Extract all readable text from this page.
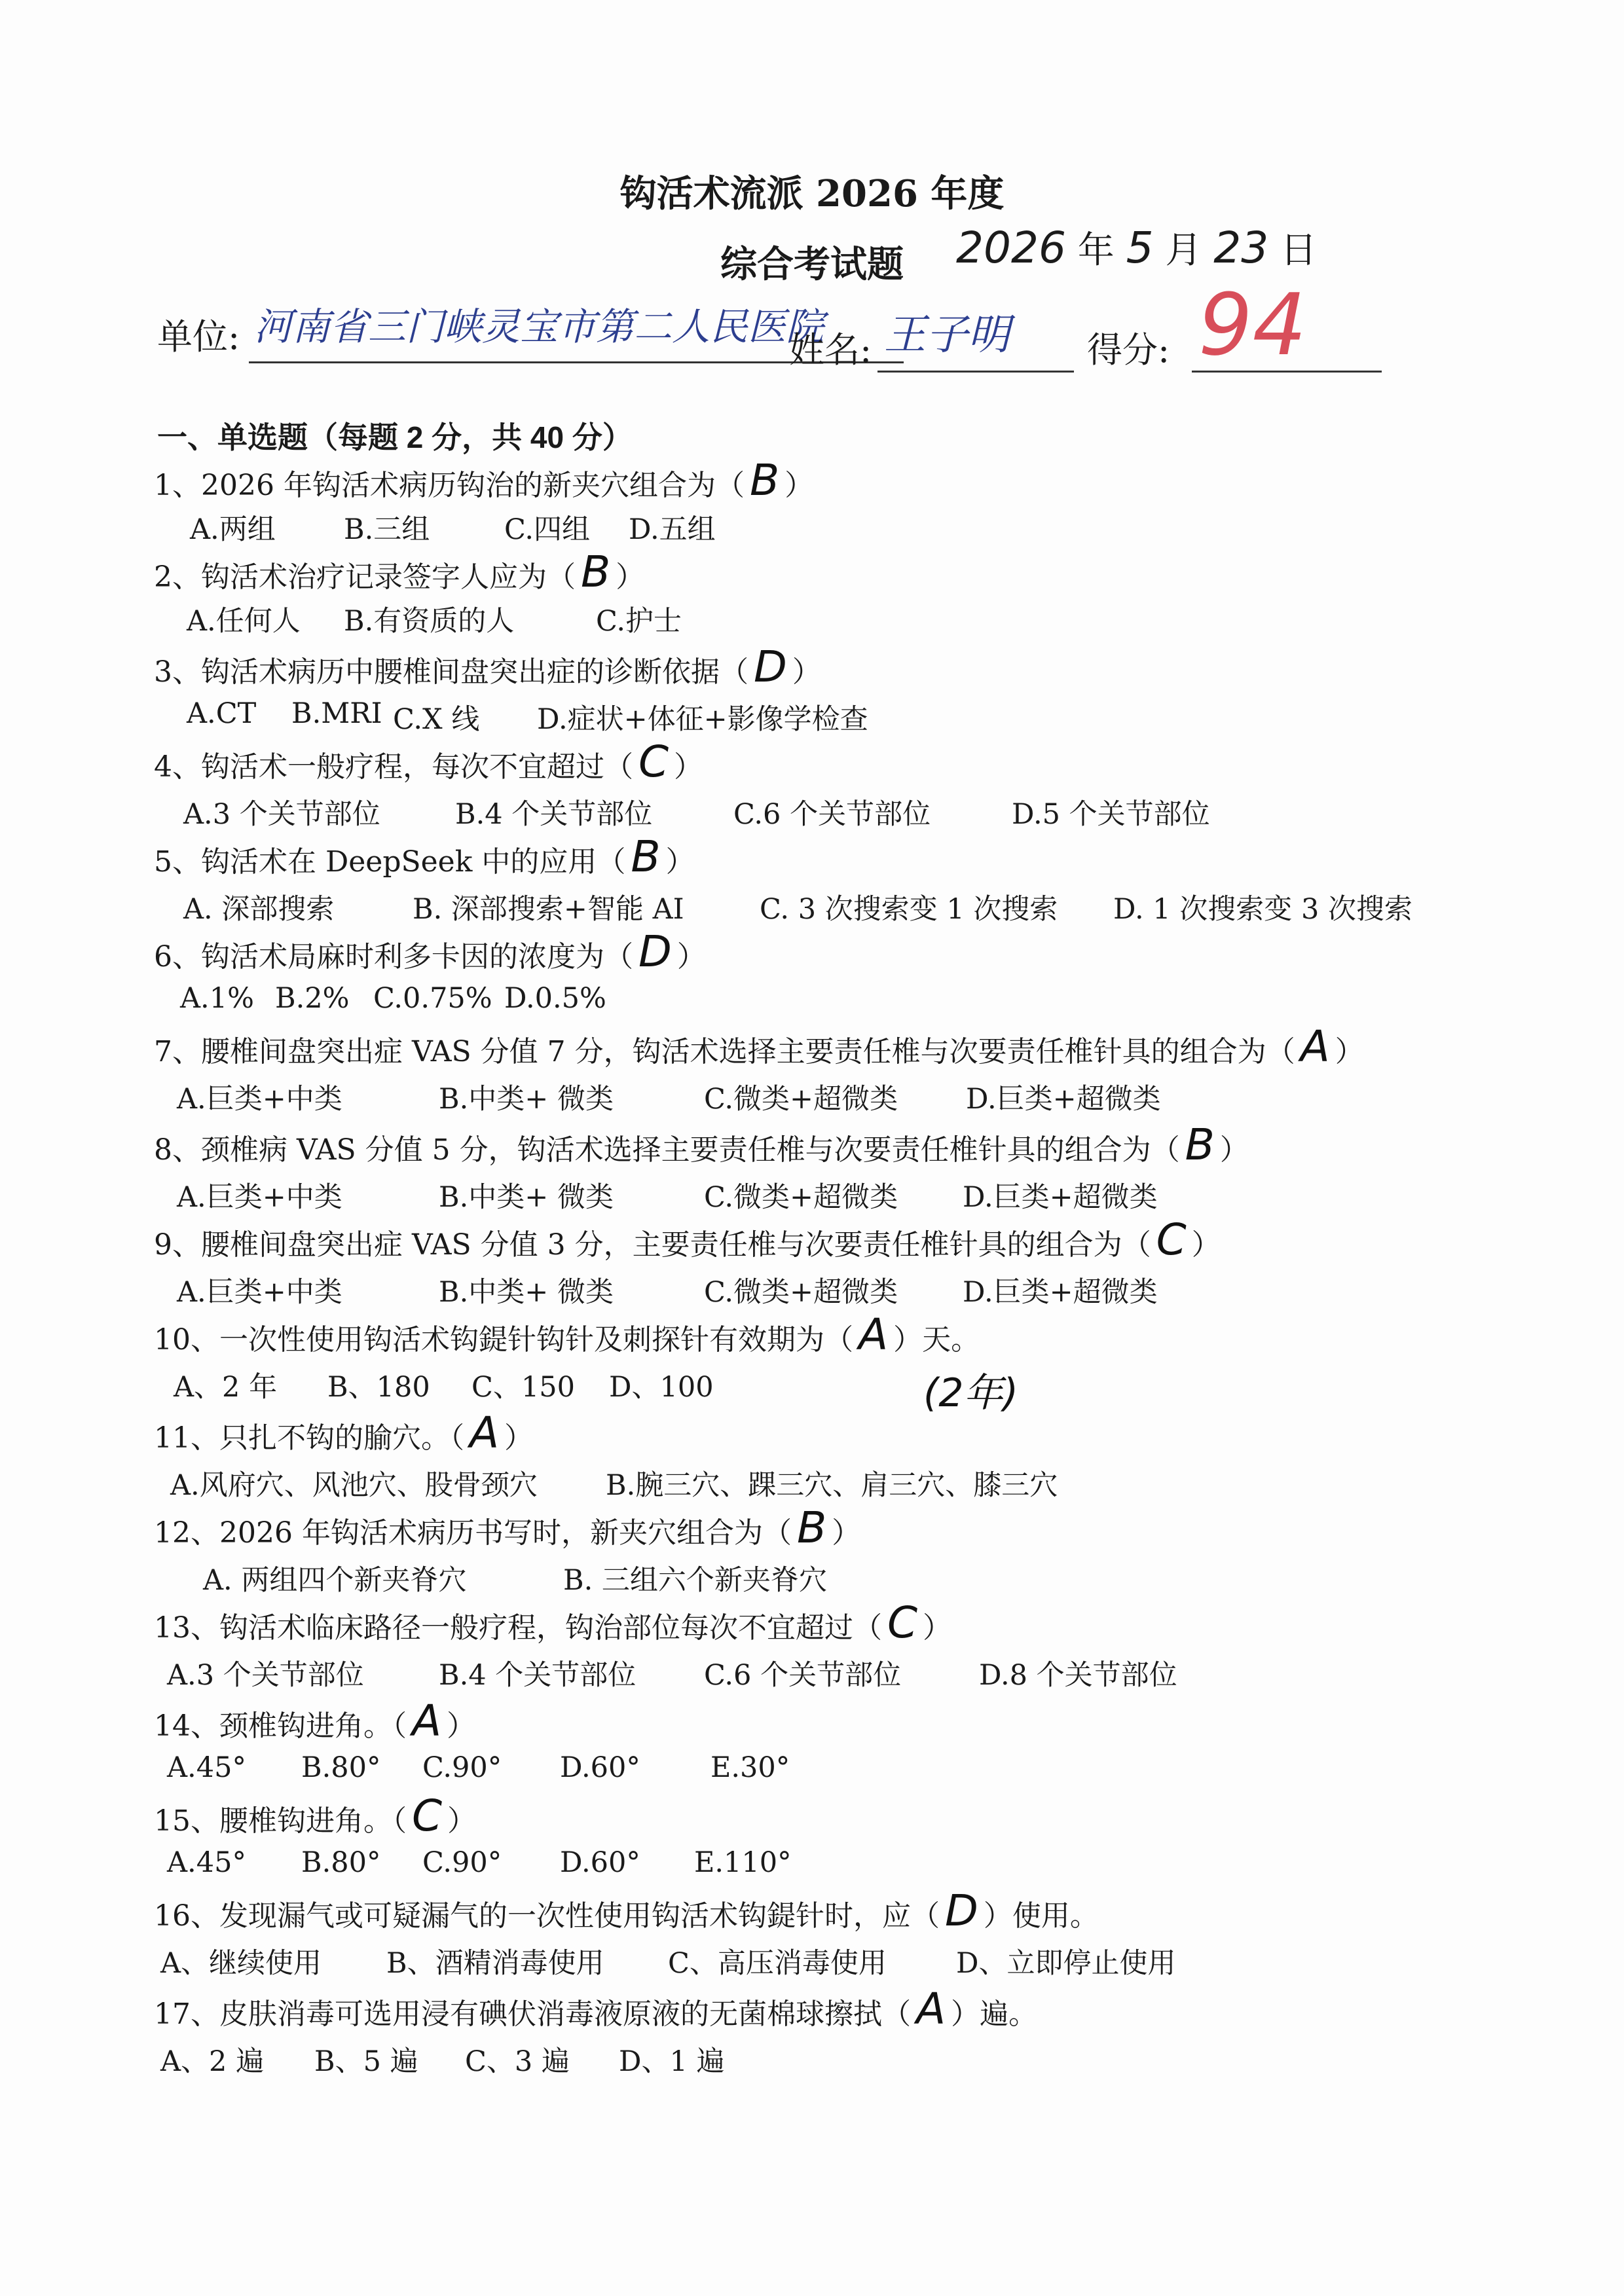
钩活术流派 2026 年度
综合考试题	2026 年 5 月 23 日
单位: 河南省三门峡灵宝市第二人民医院
姓名: 王子明 得分: 94
一、单选题（每题 2 分，共 40 分）
1、2026 年钩活术病历钩治的新夹穴组合为（ B ）
A.两组 B.三组	C.四组 D.五组
2、钩活术治疗记录签字人应为（ B ）
A.任何人 B.有资质的人	C.护士
3、钩活术病历中腰椎间盘突出症的诊断依据（ D ）
A.CT B.MRI C.X 线 D.症状+体征+影像学检查
4、钩活术一般疗程，每次不宜超过（ C ）
A.3 个关节部位	B.4 个关节部位	C.6 个关节部位	D.5 个关节部位
5、钩活术在 DeepSeek 中的应用（ B ）
A. 深部搜索	B. 深部搜索+智能 AI	C. 3 次搜索变 1 次搜索 D. 1 次搜索变 3 次搜索
6、钩活术局麻时利多卡因的浓度为（ D ）
A.1% B.2% C.0.75% D.0.5%
7、腰椎间盘突出症 VAS 分值 7 分，钩活术选择主要责任椎与次要责任椎针具的组合为（ A ）
A.巨类+中类	B.中类+ 微类	C.微类+超微类 D.巨类+超微类
8、颈椎病 VAS 分值 5 分，钩活术选择主要责任椎与次要责任椎针具的组合为（ B ）
A.巨类+中类	B.中类+ 微类	C.微类+超微类 D.巨类+超微类
9、腰椎间盘突出症 VAS 分值 3 分，主要责任椎与次要责任椎针具的组合为（ C ）
A.巨类+中类	B.中类+ 微类	C.微类+超微类 D.巨类+超微类
10、一次性使用钩活术钩鍉针钩针及刺探针有效期为（ A ）天。
A、2 年 B、180 C、150 D、100	(2年)
11、只扎不钩的腧穴。（ A ）
A.风府穴、风池穴、股骨颈穴 B.腕三穴、踝三穴、肩三穴、膝三穴
12、2026 年钩活术病历书写时，新夹穴组合为（ B ）
A. 两组四个新夹脊穴	B. 三组六个新夹脊穴
13、钩活术临床路径一般疗程，钩治部位每次不宜超过（ C ）
A.3 个关节部位	B.4 个关节部位 C.6 个关节部位	D.8 个关节部位
14、颈椎钩进角。（ A ）
A.45° B.80° C.90° D.60° E.30°
15、腰椎钩进角。（ C ）
A.45° B.80° C.90° D.60° E.110°
16、发现漏气或可疑漏气的一次性使用钩活术钩鍉针时，应（ D ）使用。
A、继续使用 B、酒精消毒使用 C、高压消毒使用 D、立即停止使用
17、皮肤消毒可选用浸有碘伏消毒液原液的无菌棉球擦拭（ A ）遍。
A、2 遍 B、5 遍 C、3 遍 D、1 遍
